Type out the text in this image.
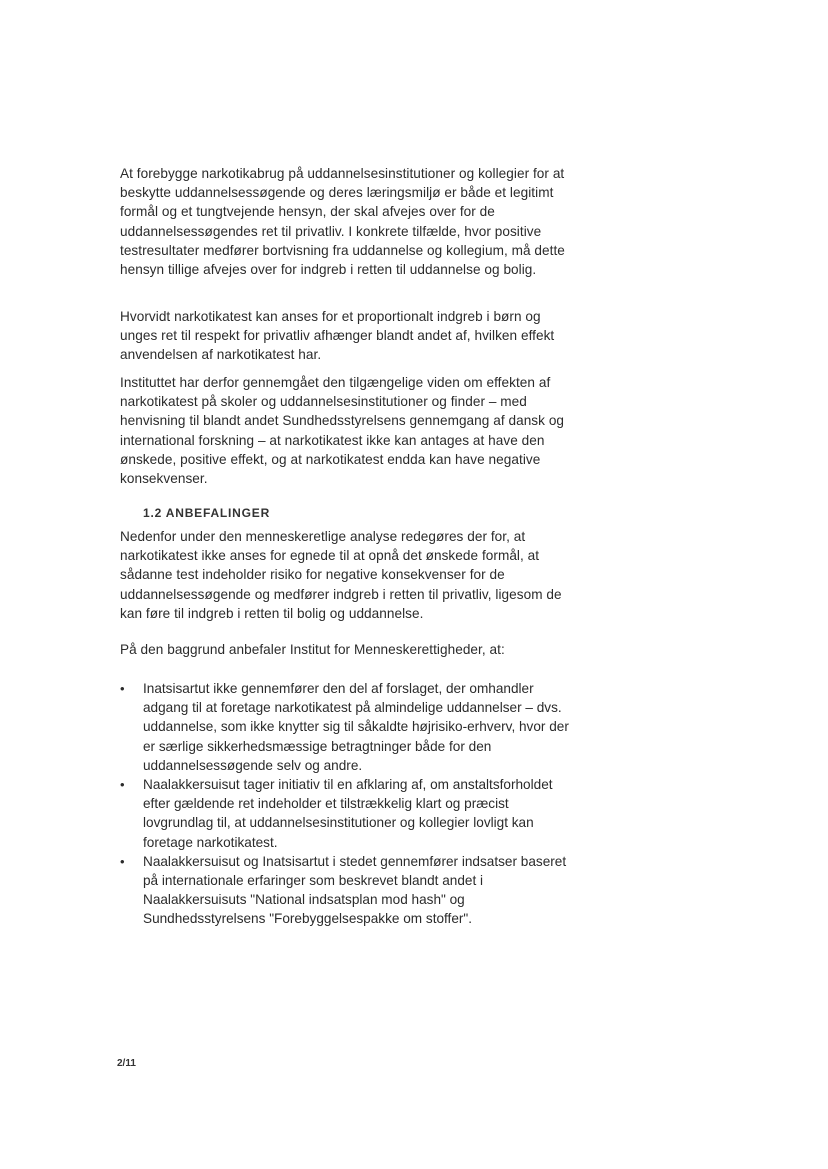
At forebygge narkotikabrug på uddannelsesinstitutioner og kollegier for at beskytte uddannelsessøgende og deres læringsmiljø er både et legitimt formål og et tungtvejende hensyn, der skal afvejes over for de uddannelsessøgendes ret til privatliv. I konkrete tilfælde, hvor positive testresultater medfører bortvisning fra uddannelse og kollegium, må dette hensyn tillige afvejes over for indgreb i retten til uddannelse og bolig.

Hvorvidt narkotikatest kan anses for et proportionalt indgreb i børn og unges ret til respekt for privatliv afhænger blandt andet af, hvilken effekt anvendelsen af narkotikatest har.

Instituttet har derfor gennemgået den tilgængelige viden om effekten af narkotikatest på skoler og uddannelsesinstitutioner og finder – med henvisning til blandt andet Sundhedsstyrelsens gennemgang af dansk og international forskning – at narkotikatest ikke kan antages at have den ønskede, positive effekt, og at narkotikatest endda kan have negative konsekvenser.

1.2 ANBEFALINGER

Nedenfor under den menneskeretlige analyse redegøres der for, at narkotikatest ikke anses for egnede til at opnå det ønskede formål, at sådanne test indeholder risiko for negative konsekvenser for de uddannelsessøgende og medfører indgreb i retten til privatliv, ligesom de kan føre til indgreb i retten til bolig og uddannelse.

På den baggrund anbefaler Institut for Menneskerettigheder, at:

• Inatsisartut ikke gennemfører den del af forslaget, der omhandler adgang til at foretage narkotikatest på almindelige uddannelser – dvs. uddannelse, som ikke knytter sig til såkaldte højrisiko-erhverv, hvor der er særlige sikkerhedsmæssige betragtninger både for den uddannelsessøgende selv og andre.
• Naalakkersuisut tager initiativ til en afklaring af, om anstaltsforholdet efter gældende ret indeholder et tilstrækkelig klart og præcist lovgrundlag til, at uddannelsesinstitutioner og kollegier lovligt kan foretage narkotikatest.
• Naalakkersuisut og Inatsisartut i stedet gennemfører indsatser baseret på internationale erfaringer som beskrevet blandt andet i Naalakkersuisuts "National indsatsplan mod hash" og Sundhedsstyrelsens "Forebyggelsespakke om stoffer".

2/11
